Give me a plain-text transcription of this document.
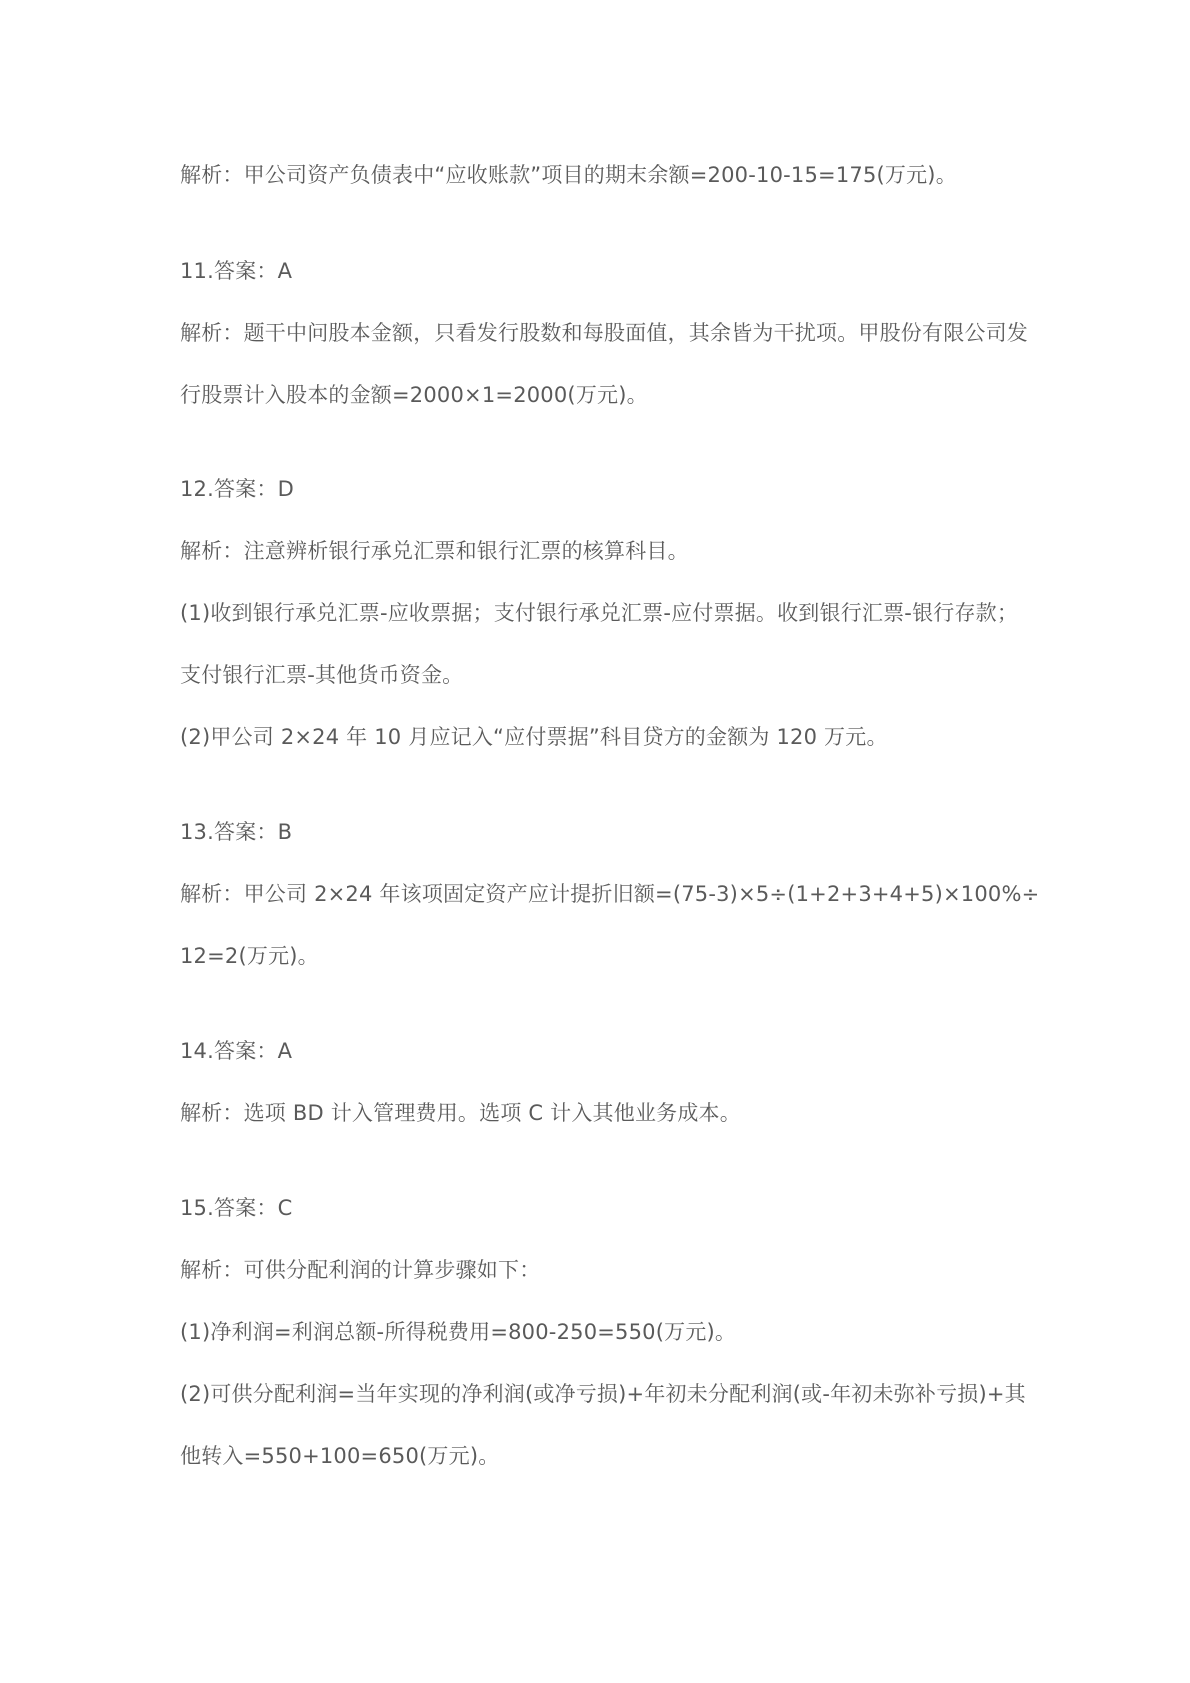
解析：甲公司资产负债表中“应收账款”项目的期末余额=200-10-15=175(万元)。
11.答案：A
解析：题干中问股本金额，只看发行股数和每股面值，其余皆为干扰项。甲股份有限公司发
行股票计入股本的金额=2000×1=2000(万元)。
12.答案：D
解析：注意辨析银行承兑汇票和银行汇票的核算科目。
(1)收到银行承兑汇票-应收票据；支付银行承兑汇票-应付票据。收到银行汇票-银行存款；
支付银行汇票-其他货币资金。
(2)甲公司 2×24 年 10 月应记入“应付票据”科目贷方的金额为 120 万元。
13.答案：B
解析：甲公司 2×24 年该项固定资产应计提折旧额=(75-3)×5÷(1+2+3+4+5)×100%÷
12=2(万元)。
14.答案：A
解析：选项 BD 计入管理费用。选项 C 计入其他业务成本。
15.答案：C
解析：可供分配利润的计算步骤如下：
(1)净利润=利润总额-所得税费用=800-250=550(万元)。
(2)可供分配利润=当年实现的净利润(或净亏损)+年初未分配利润(或-年初未弥补亏损)+其
他转入=550+100=650(万元)。
